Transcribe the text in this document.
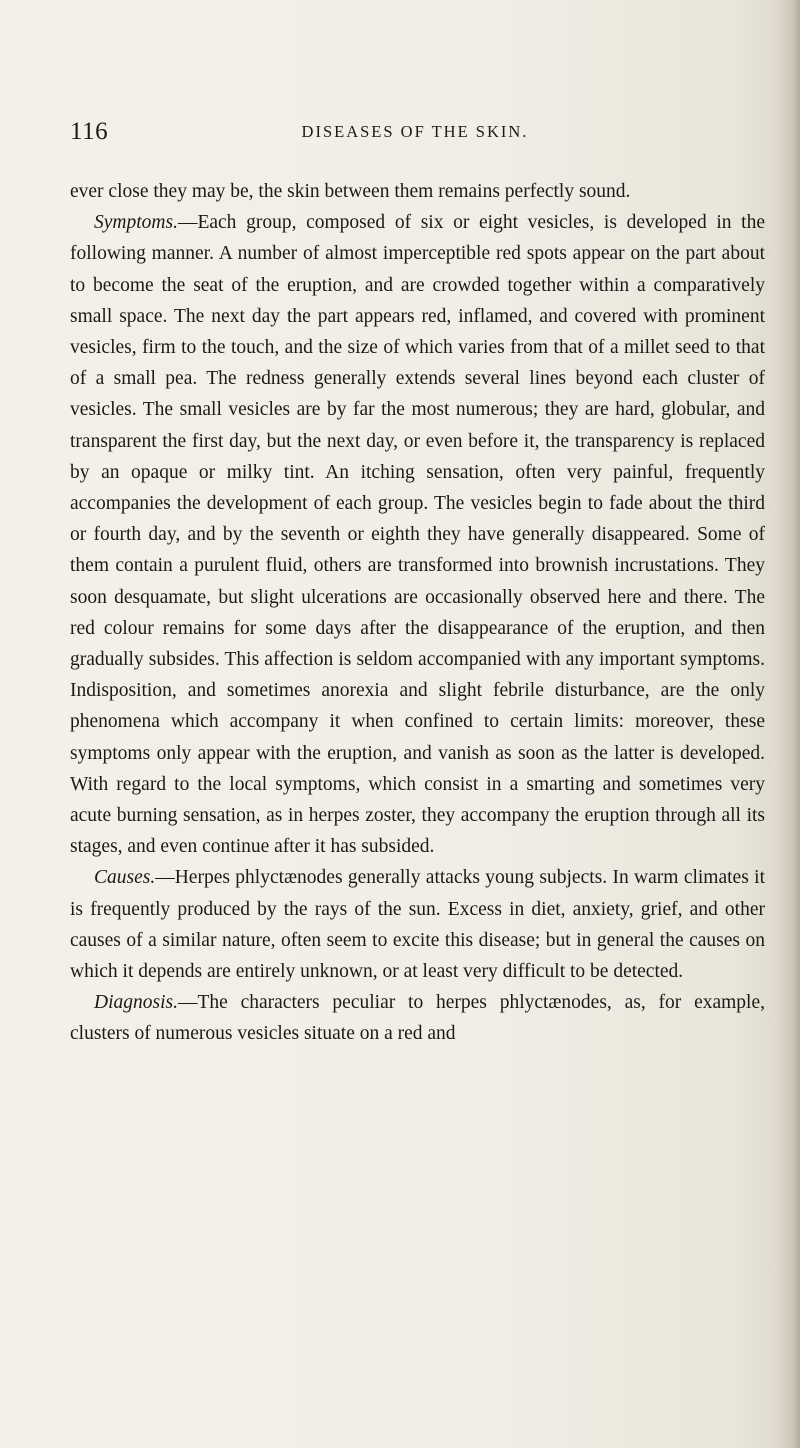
116	DISEASES OF THE SKIN.

ever close they may be, the skin between them remains perfectly sound.

Symptoms.—Each group, composed of six or eight vesicles, is developed in the following manner. A number of almost imperceptible red spots appear on the part about to become the seat of the eruption, and are crowded together within a comparatively small space. The next day the part appears red, inflamed, and covered with prominent vesicles, firm to the touch, and the size of which varies from that of a millet seed to that of a small pea. The redness generally extends several lines beyond each cluster of vesicles. The small vesicles are by far the most numerous; they are hard, globular, and transparent the first day, but the next day, or even before it, the transparency is replaced by an opaque or milky tint. An itching sensation, often very painful, frequently accompanies the development of each group. The vesicles begin to fade about the third or fourth day, and by the seventh or eighth they have generally disappeared. Some of them contain a purulent fluid, others are transformed into brownish incrustations. They soon desquamate, but slight ulcerations are occasionally observed here and there. The red colour remains for some days after the disappearance of the eruption, and then gradually subsides. This affection is seldom accompanied with any important symptoms. Indisposition, and sometimes anorexia and slight febrile disturbance, are the only phenomena which accompany it when confined to certain limits: moreover, these symptoms only appear with the eruption, and vanish as soon as the latter is developed. With regard to the local symptoms, which consist in a smarting and sometimes very acute burning sensation, as in herpes zoster, they accompany the eruption through all its stages, and even continue after it has subsided.

Causes.—Herpes phlyctænodes generally attacks young subjects. In warm climates it is frequently produced by the rays of the sun. Excess in diet, anxiety, grief, and other causes of a similar nature, often seem to excite this disease; but in general the causes on which it depends are entirely unknown, or at least very difficult to be detected.

Diagnosis.—The characters peculiar to herpes phlyctænodes, as, for example, clusters of numerous vesicles situate on a red and
